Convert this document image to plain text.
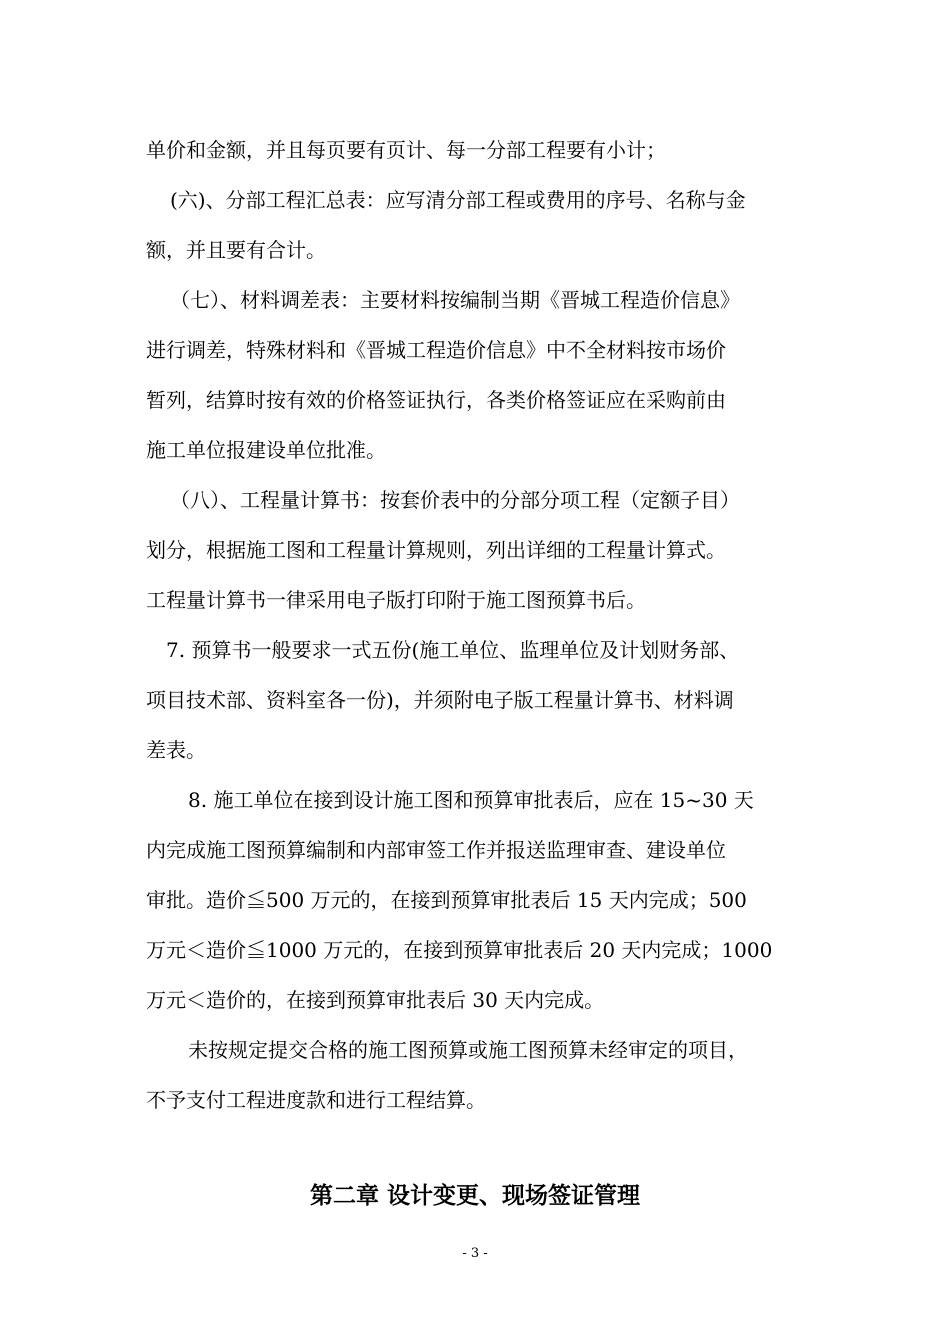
单价和金额，并且每页要有页计、每一分部工程要有小计；
(六)、分部工程汇总表：应写清分部工程或费用的序号、名称与金
额，并且要有合计。
（七）、材料调差表：主要材料按编制当期《晋城工程造价信息》
进行调差，特殊材料和《晋城工程造价信息》中不全材料按市场价
暂列，结算时按有效的价格签证执行，各类价格签证应在采购前由
施工单位报建设单位批准。
（八）、工程量计算书：按套价表中的分部分项工程（定额子目）
划分，根据施工图和工程量计算规则，列出详细的工程量计算式。
工程量计算书一律采用电子版打印附于施工图预算书后。
7. 预算书一般要求一式五份(施工单位、监理单位及计划财务部、
项目技术部、资料室各一份)，并须附电子版工程量计算书、材料调
差表。
8. 施工单位在接到设计施工图和预算审批表后，应在 15~30 天
内完成施工图预算编制和内部审签工作并报送监理审查、建设单位
审批。造价≦500 万元的，在接到预算审批表后 15 天内完成；500
万元＜造价≦1000 万元的，在接到预算审批表后 20 天内完成；1000
万元＜造价的，在接到预算审批表后 30 天内完成。
未按规定提交合格的施工图预算或施工图预算未经审定的项目，
不予支付工程进度款和进行工程结算。
第二章 设计变更、现场签证管理
- 3 -
